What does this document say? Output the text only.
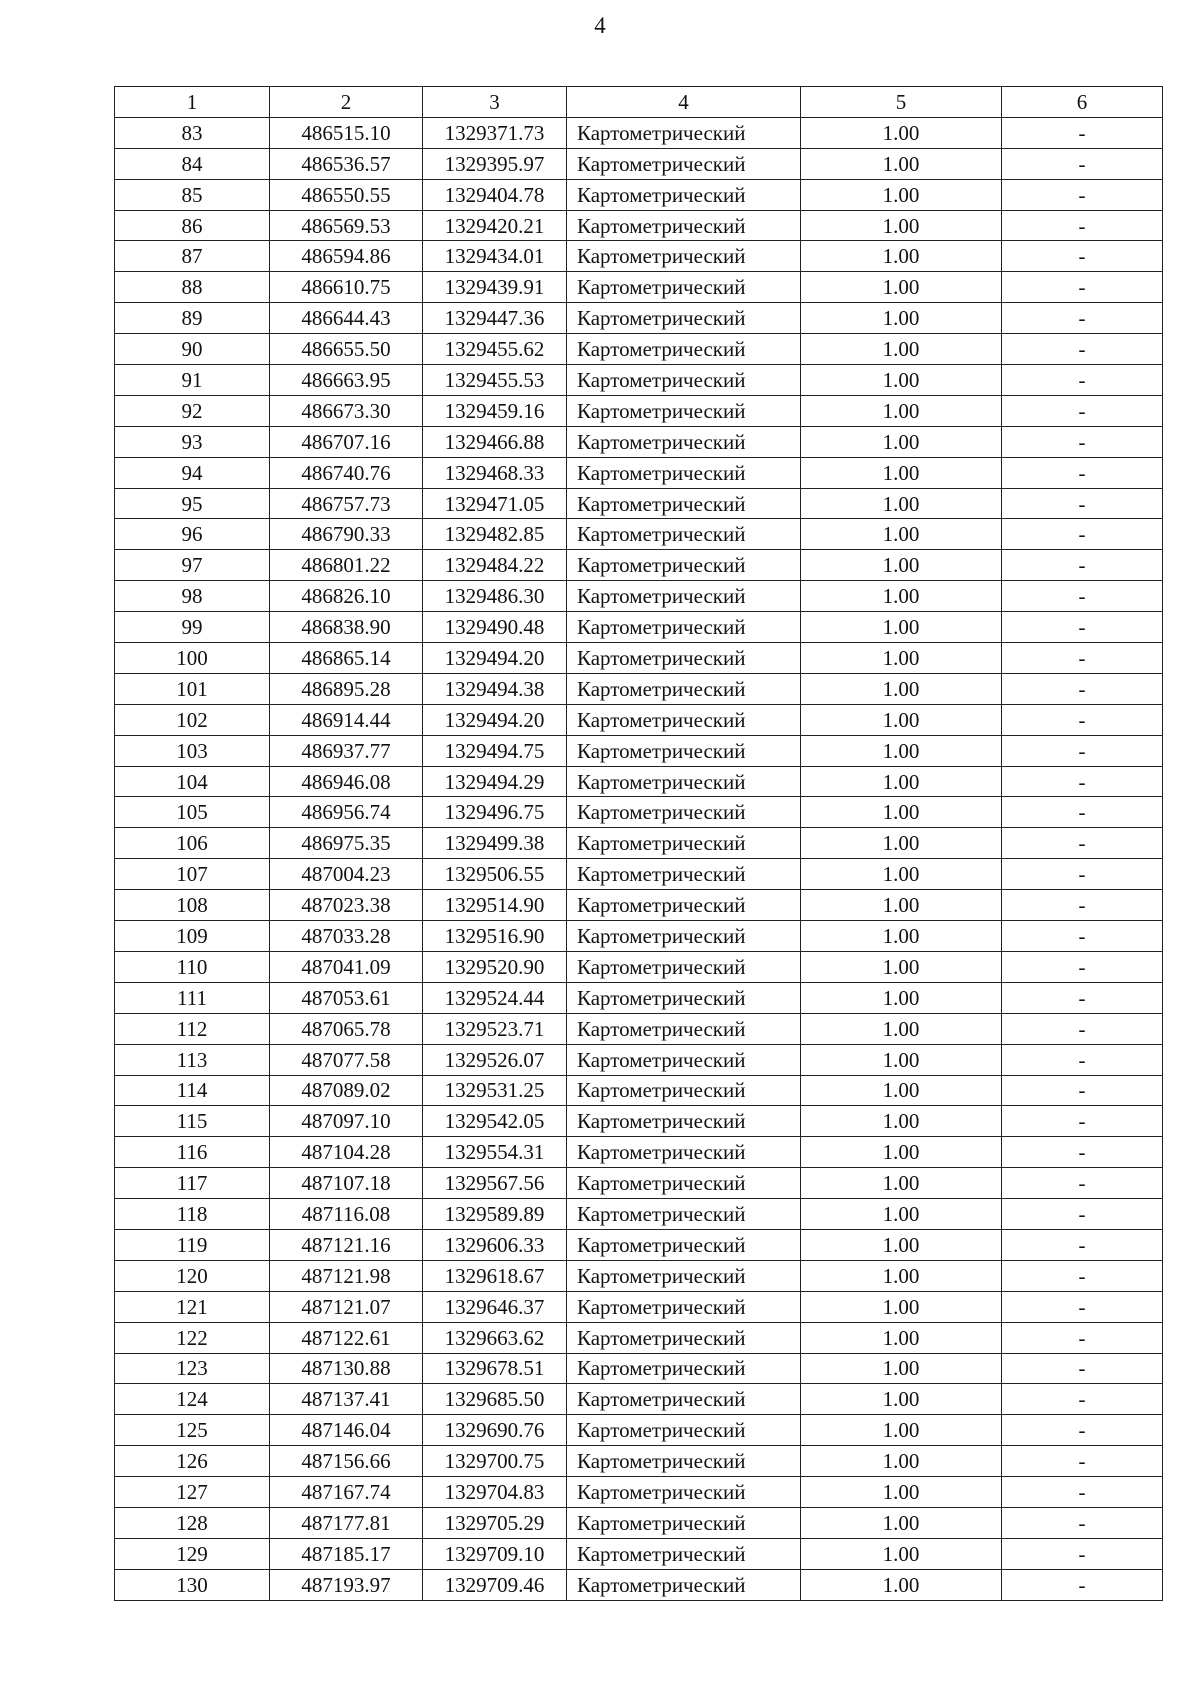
4
1	2	3	4	5	6
83	486515.10	1329371.73	Картометрический	1.00	-
84	486536.57	1329395.97	Картометрический	1.00	-
85	486550.55	1329404.78	Картометрический	1.00	-
86	486569.53	1329420.21	Картометрический	1.00	-
87	486594.86	1329434.01	Картометрический	1.00	-
88	486610.75	1329439.91	Картометрический	1.00	-
89	486644.43	1329447.36	Картометрический	1.00	-
90	486655.50	1329455.62	Картометрический	1.00	-
91	486663.95	1329455.53	Картометрический	1.00	-
92	486673.30	1329459.16	Картометрический	1.00	-
93	486707.16	1329466.88	Картометрический	1.00	-
94	486740.76	1329468.33	Картометрический	1.00	-
95	486757.73	1329471.05	Картометрический	1.00	-
96	486790.33	1329482.85	Картометрический	1.00	-
97	486801.22	1329484.22	Картометрический	1.00	-
98	486826.10	1329486.30	Картометрический	1.00	-
99	486838.90	1329490.48	Картометрический	1.00	-
100	486865.14	1329494.20	Картометрический	1.00	-
101	486895.28	1329494.38	Картометрический	1.00	-
102	486914.44	1329494.20	Картометрический	1.00	-
103	486937.77	1329494.75	Картометрический	1.00	-
104	486946.08	1329494.29	Картометрический	1.00	-
105	486956.74	1329496.75	Картометрический	1.00	-
106	486975.35	1329499.38	Картометрический	1.00	-
107	487004.23	1329506.55	Картометрический	1.00	-
108	487023.38	1329514.90	Картометрический	1.00	-
109	487033.28	1329516.90	Картометрический	1.00	-
110	487041.09	1329520.90	Картометрический	1.00	-
111	487053.61	1329524.44	Картометрический	1.00	-
112	487065.78	1329523.71	Картометрический	1.00	-
113	487077.58	1329526.07	Картометрический	1.00	-
114	487089.02	1329531.25	Картометрический	1.00	-
115	487097.10	1329542.05	Картометрический	1.00	-
116	487104.28	1329554.31	Картометрический	1.00	-
117	487107.18	1329567.56	Картометрический	1.00	-
118	487116.08	1329589.89	Картометрический	1.00	-
119	487121.16	1329606.33	Картометрический	1.00	-
120	487121.98	1329618.67	Картометрический	1.00	-
121	487121.07	1329646.37	Картометрический	1.00	-
122	487122.61	1329663.62	Картометрический	1.00	-
123	487130.88	1329678.51	Картометрический	1.00	-
124	487137.41	1329685.50	Картометрический	1.00	-
125	487146.04	1329690.76	Картометрический	1.00	-
126	487156.66	1329700.75	Картометрический	1.00	-
127	487167.74	1329704.83	Картометрический	1.00	-
128	487177.81	1329705.29	Картометрический	1.00	-
129	487185.17	1329709.10	Картометрический	1.00	-
130	487193.97	1329709.46	Картометрический	1.00	-
